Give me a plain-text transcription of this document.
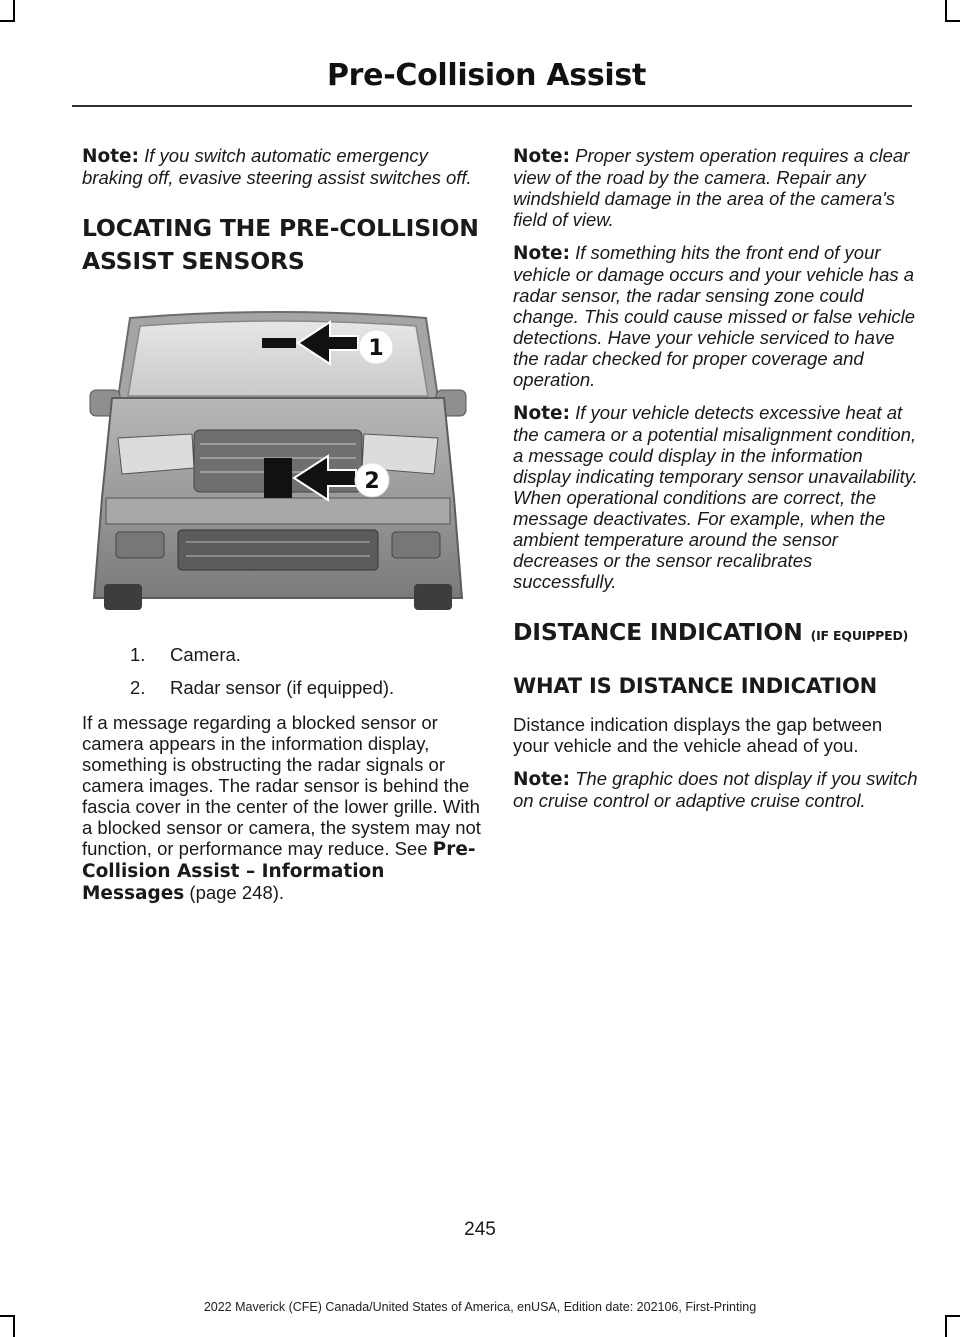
Pre-Collision Assist

Note: If you switch automatic emergency braking off, evasive steering assist switches off.

LOCATING THE PRE-COLLISION ASSIST SENSORS
1
2
1.	Camera.
2.	Radar sensor (if equipped).

If a message regarding a blocked sensor or camera appears in the information display, something is obstructing the radar signals or camera images. The radar sensor is behind the fascia cover in the center of the lower grille. With a blocked sensor or camera, the system may not function, or performance may reduce. See Pre-Collision Assist – Information Messages (page 248).

Note: Proper system operation requires a clear view of the road by the camera. Repair any windshield damage in the area of the camera's field of view.

Note: If something hits the front end of your vehicle or damage occurs and your vehicle has a radar sensor, the radar sensing zone could change. This could cause missed or false vehicle detections. Have your vehicle serviced to have the radar checked for proper coverage and operation.

Note: If your vehicle detects excessive heat at the camera or a potential misalignment condition, a message could display in the information display indicating temporary sensor unavailability. When operational conditions are correct, the message deactivates. For example, when the ambient temperature around the sensor decreases or the sensor recalibrates successfully.

DISTANCE INDICATION (IF EQUIPPED)
WHAT IS DISTANCE INDICATION

Distance indication displays the gap between your vehicle and the vehicle ahead of you.

Note: The graphic does not display if you switch on cruise control or adaptive cruise control.

245
2022 Maverick (CFE) Canada/United States of America, enUSA, Edition date: 202106, First-Printing
